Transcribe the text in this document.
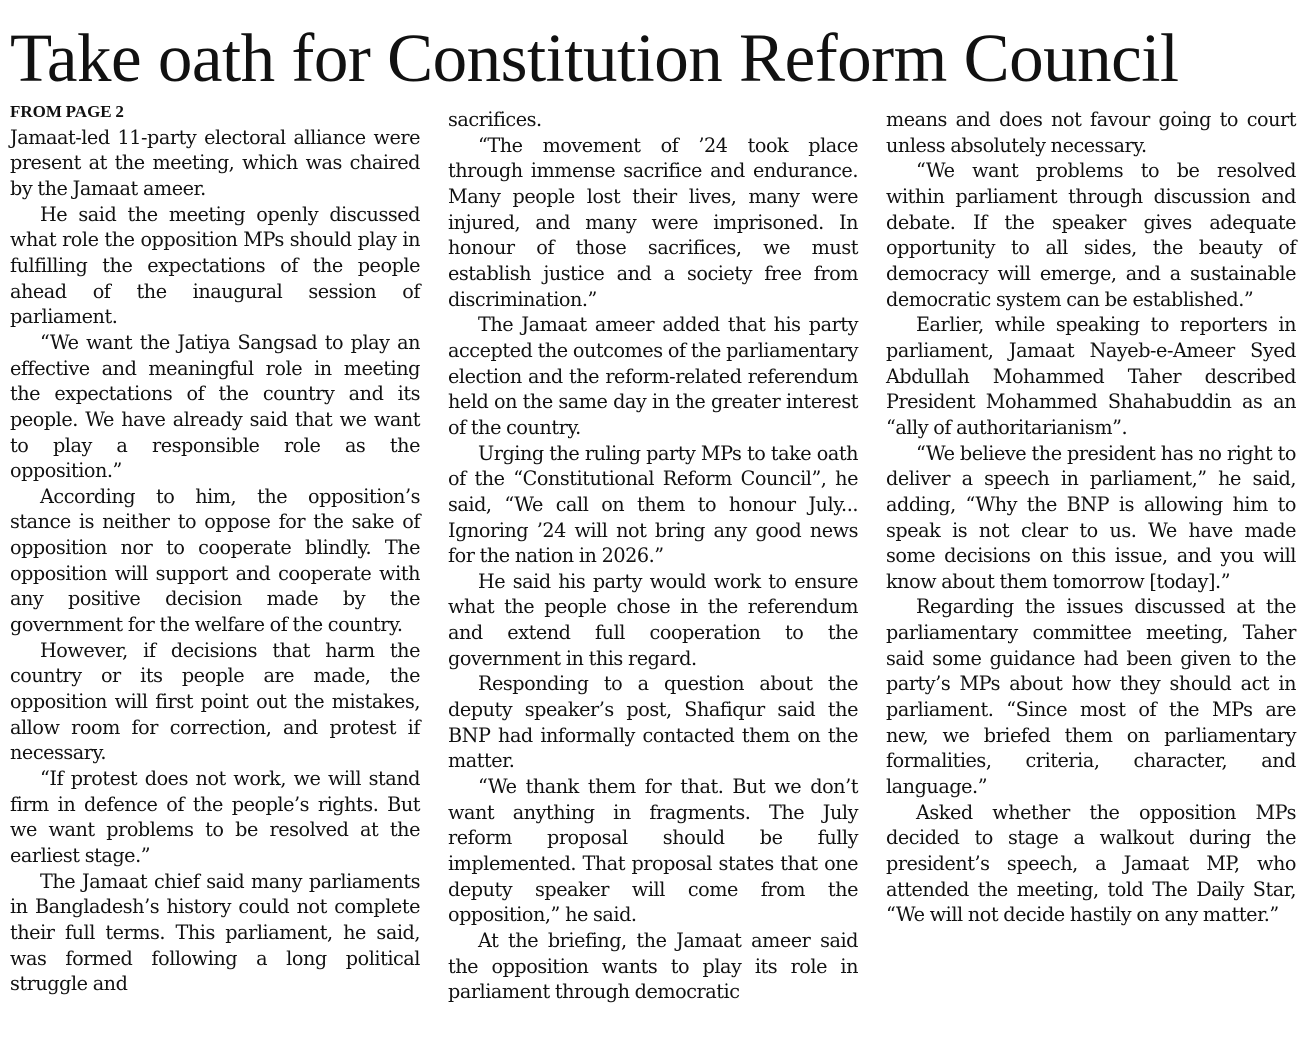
Take oath for Constitution Reform Council
FROM PAGE 2

Jamaat-led 11-party electoral alliance were present at the meeting, which was chaired by the Jamaat ameer.

He said the meeting openly discussed what role the opposition MPs should play in fulfilling the expectations of the people ahead of the inaugural session of parliament.

“We want the Jatiya Sangsad to play an effective and meaningful role in meeting the expectations of the country and its people. We have already said that we want to play a responsible role as the opposition.”

According to him, the opposition’s stance is neither to oppose for the sake of opposition nor to cooperate blindly. The opposition will support and cooperate with any positive decision made by the government for the welfare of the country.

However, if decisions that harm the country or its people are made, the opposition will first point out the mistakes, allow room for correction, and protest if necessary.

“If protest does not work, we will stand firm in defence of the people’s rights. But we want problems to be resolved at the earliest stage.”

The Jamaat chief said many parliaments in Bangladesh’s history could not complete their full terms. This parliament, he said, was formed following a long political struggle and

sacrifices.

“The movement of ’24 took place through immense sacrifice and endurance. Many people lost their lives, many were injured, and many were imprisoned. In honour of those sacrifices, we must establish justice and a society free from discrimination.”

The Jamaat ameer added that his party accepted the outcomes of the parliamentary election and the reform-related referendum held on the same day in the greater interest of the country.

Urging the ruling party MPs to take oath of the “Constitutional Reform Council”, he said, “We call on them to honour July... Ignoring ’24 will not bring any good news for the nation in 2026.”

He said his party would work to ensure what the people chose in the referendum and extend full cooperation to the government in this regard.

Responding to a question about the deputy speaker’s post, Shafiqur said the BNP had informally contacted them on the matter.

“We thank them for that. But we don’t want anything in fragments. The July reform proposal should be fully implemented. That proposal states that one deputy speaker will come from the opposition,” he said.

At the briefing, the Jamaat ameer said the opposition wants to play its role in parliament through democratic

means and does not favour going to court unless absolutely necessary.

“We want problems to be resolved within parliament through discussion and debate. If the speaker gives adequate opportunity to all sides, the beauty of democracy will emerge, and a sustainable democratic system can be established.”

Earlier, while speaking to reporters in parliament, Jamaat Nayeb-e-Ameer Syed Abdullah Mohammed Taher described President Mohammed Shahabuddin as an “ally of authoritarianism”.

“We believe the president has no right to deliver a speech in parliament,” he said, adding, “Why the BNP is allowing him to speak is not clear to us. We have made some decisions on this issue, and you will know about them tomorrow [today].”

Regarding the issues discussed at the parliamentary committee meeting, Taher said some guidance had been given to the party’s MPs about how they should act in parliament. “Since most of the MPs are new, we briefed them on parliamentary formalities, criteria, character, and language.”

Asked whether the opposition MPs decided to stage a walkout during the president’s speech, a Jamaat MP, who attended the meeting, told The Daily Star, “We will not decide hastily on any matter.”
